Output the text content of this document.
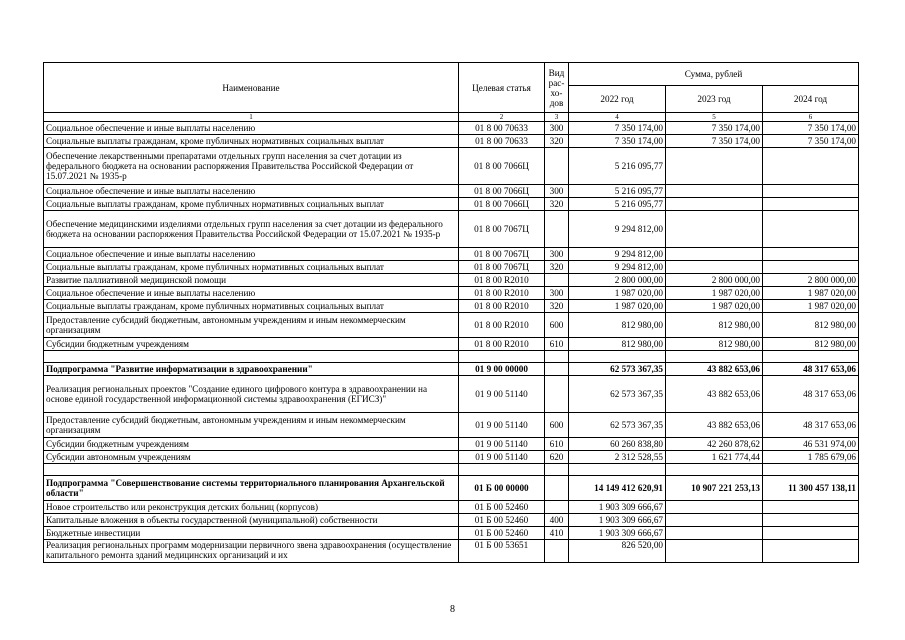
Наименование	Целевая статья	Вид рас-хо-дов	Сумма, рублей		
			2022 год	2023 год	2024 год
1	2	3	4	5	6
Социальное обеспечение и иные выплаты населению	01 8 00 70633	300	7 350 174,00	7 350 174,00	7 350 174,00
Социальные выплаты гражданам, кроме публичных нормативных социальных выплат	01 8 00 70633	320	7 350 174,00	7 350 174,00	7 350 174,00
Обеспечение лекарственными препаратами отдельных групп населения за счет дотации из федерального бюджета на основании распоряжения Правительства Российской Федерации от 15.07.2021 № 1935-р	01 8 00 7066Ц		5 216 095,77		
Социальное обеспечение и иные выплаты населению	01 8 00 7066Ц	300	5 216 095,77		
Социальные выплаты гражданам, кроме публичных нормативных социальных выплат	01 8 00 7066Ц	320	5 216 095,77		
Обеспечение медицинскими изделиями отдельных групп населения за счет дотации из федерального бюджета на основании распоряжения Правительства Российской Федерации от 15.07.2021 № 1935-р	01 8 00 7067Ц		9 294 812,00		
Социальное обеспечение и иные выплаты населению	01 8 00 7067Ц	300	9 294 812,00		
Социальные выплаты гражданам, кроме публичных нормативных социальных выплат	01 8 00 7067Ц	320	9 294 812,00		
Развитие паллиативной медицинской помощи	01 8 00 R2010		2 800 000,00	2 800 000,00	2 800 000,00
Социальное обеспечение и иные выплаты населению	01 8 00 R2010	300	1 987 020,00	1 987 020,00	1 987 020,00
Социальные выплаты гражданам, кроме публичных нормативных социальных выплат	01 8 00 R2010	320	1 987 020,00	1 987 020,00	1 987 020,00
Предоставление субсидий бюджетным, автономным учреждениям и иным некоммерческим организациям	01 8 00 R2010	600	812 980,00	812 980,00	812 980,00
Субсидии бюджетным учреждениям	01 8 00 R2010	610	812 980,00	812 980,00	812 980,00

Подпрограмма "Развитие информатизации в здравоохранении"	01 9 00 00000		62 573 367,35	43 882 653,06	48 317 653,06
Реализация региональных проектов "Создание единого цифрового контура в здравоохранении на основе единой государственной информационной системы здравоохранения (ЕГИСЗ)"	01 9 00 51140		62 573 367,35	43 882 653,06	48 317 653,06
Предоставление субсидий бюджетным, автономным учреждениям и иным некоммерческим организациям	01 9 00 51140	600	62 573 367,35	43 882 653,06	48 317 653,06
Субсидии бюджетным учреждениям	01 9 00 51140	610	60 260 838,80	42 260 878,62	46 531 974,00
Субсидии автономным учреждениям	01 9 00 51140	620	2 312 528,55	1 621 774,44	1 785 679,06

Подпрограмма "Совершенствование системы территориального планирования Архангельской области"	01 Б 00 00000		14 149 412 620,91	10 907 221 253,13	11 300 457 138,11
Новое строительство или реконструкция детских больниц (корпусов)	01 Б 00 52460		1 903 309 666,67		
Капитальные вложения в объекты государственной (муниципальной) собственности	01 Б 00 52460	400	1 903 309 666,67		
Бюджетные инвестиции	01 Б 00 52460	410	1 903 309 666,67		
Реализация региональных программ модернизации первичного звена здравоохранения (осуществление капитального ремонта зданий медицинских организаций и их	01 Б 00 53651		826 520,00		
8
